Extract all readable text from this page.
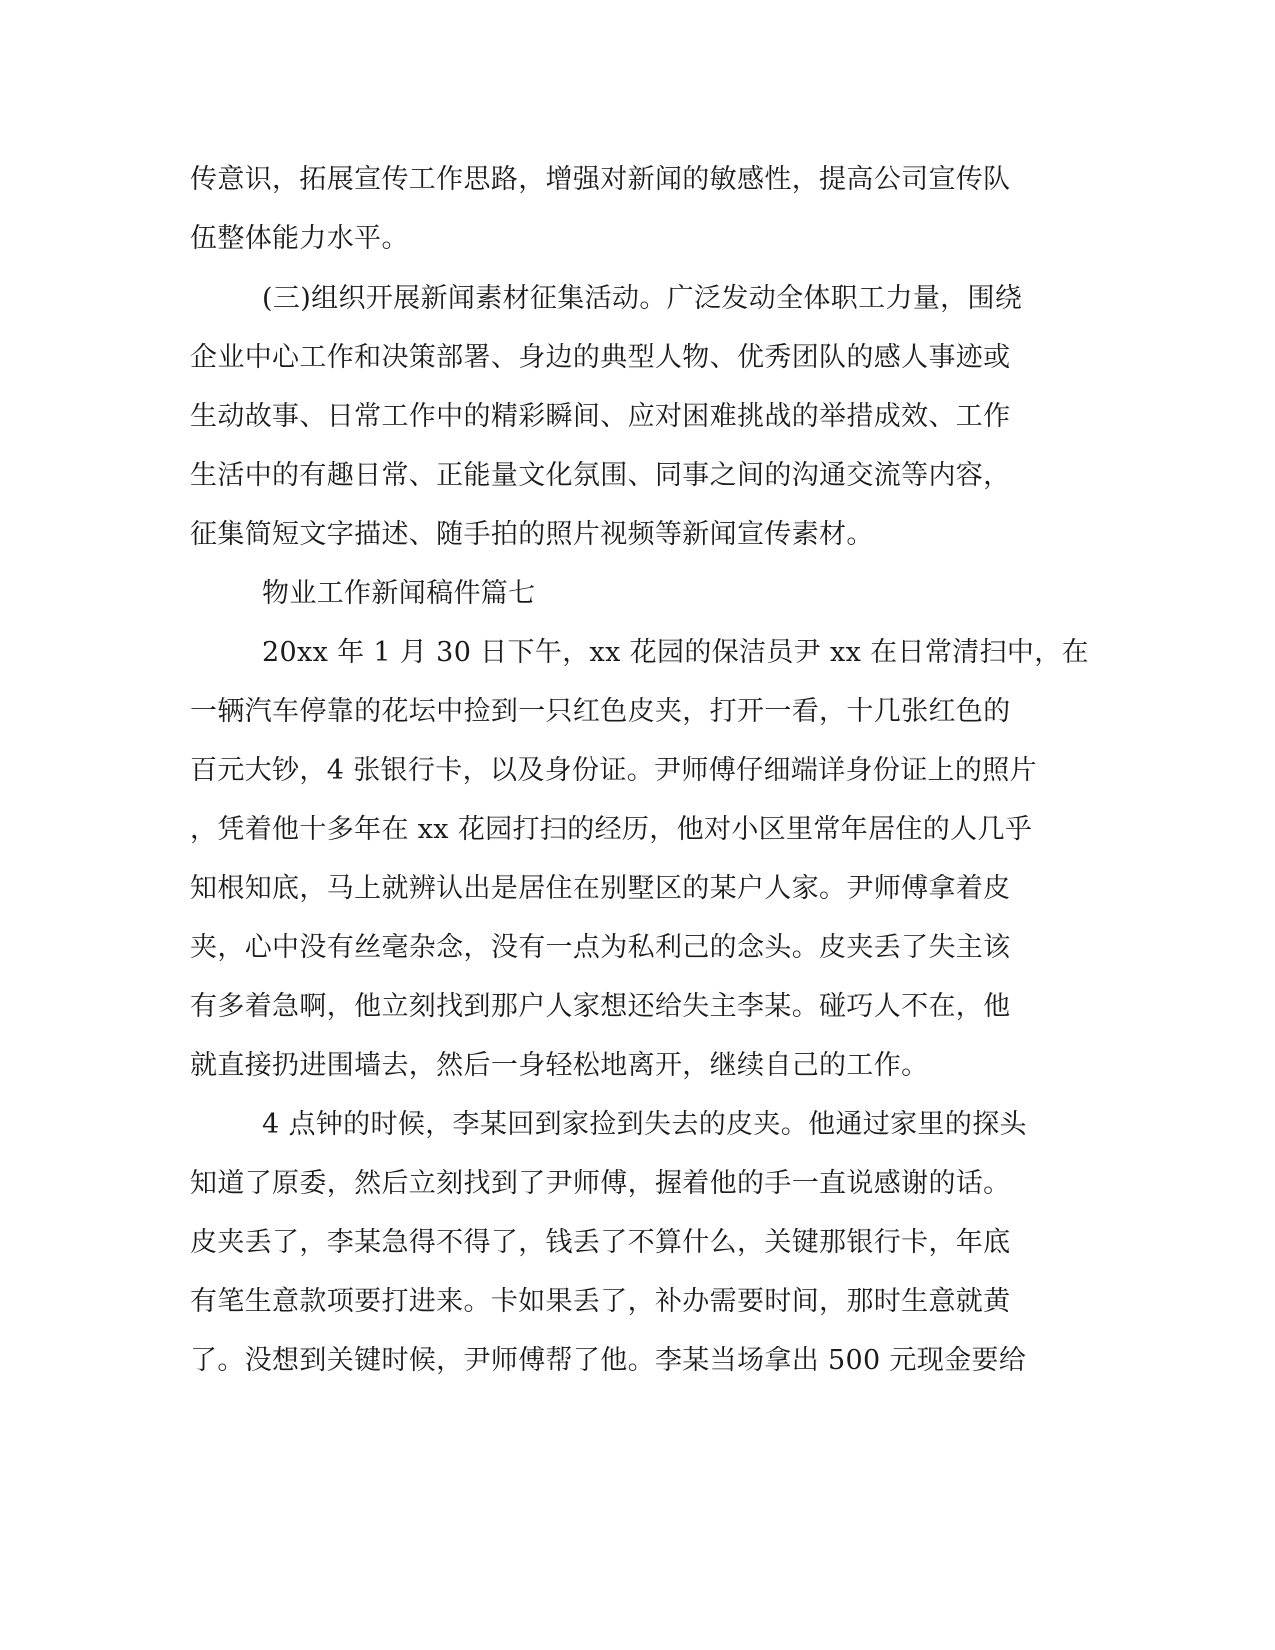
传意识，拓展宣传工作思路，增强对新闻的敏感性，提高公司宣传队

伍整体能力水平。

(三)组织开展新闻素材征集活动。广泛发动全体职工力量，围绕

企业中心工作和决策部署、身边的典型人物、优秀团队的感人事迹或

生动故事、日常工作中的精彩瞬间、应对困难挑战的举措成效、工作

生活中的有趣日常、正能量文化氛围、同事之间的沟通交流等内容，

征集简短文字描述、随手拍的照片视频等新闻宣传素材。

物业工作新闻稿件篇七

20xx 年 1 月 30 日下午，xx 花园的保洁员尹 xx 在日常清扫中，在

一辆汽车停靠的花坛中捡到一只红色皮夹，打开一看，十几张红色的

百元大钞，4 张银行卡，以及身份证。尹师傅仔细端详身份证上的照片

，凭着他十多年在 xx 花园打扫的经历，他对小区里常年居住的人几乎

知根知底，马上就辨认出是居住在别墅区的某户人家。尹师傅拿着皮

夹，心中没有丝毫杂念，没有一点为私利己的念头。皮夹丢了失主该

有多着急啊，他立刻找到那户人家想还给失主李某。碰巧人不在，他

就直接扔进围墙去，然后一身轻松地离开，继续自己的工作。

4 点钟的时候，李某回到家捡到失去的皮夹。他通过家里的探头

知道了原委，然后立刻找到了尹师傅，握着他的手一直说感谢的话。

皮夹丢了，李某急得不得了，钱丢了不算什么，关键那银行卡，年底

有笔生意款项要打进来。卡如果丢了，补办需要时间，那时生意就黄

了。没想到关键时候，尹师傅帮了他。李某当场拿出 500 元现金要给
